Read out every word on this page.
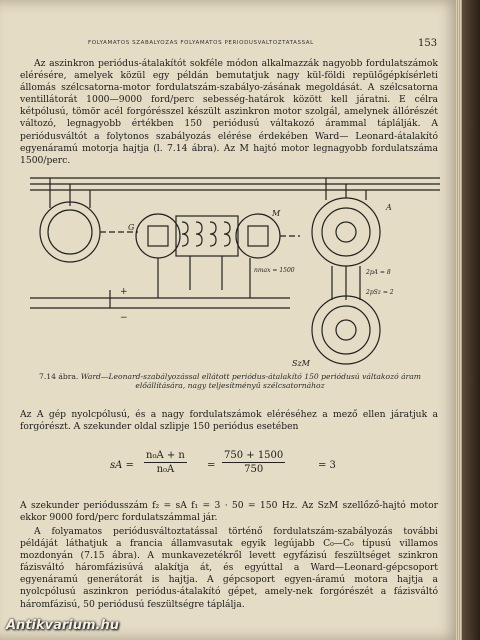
FOLYAMATOS SZABÁLYOZÁS FOLYAMATOS PERIÓDUSVÁLTOZTATÁSSAL	153

Az aszinkron periódus-átalakítót sokféle módon alkalmazzák nagyobb fordulatszámok elérésére, amelyek közül egy példán bemutatjuk nagy kül-földi repülőgépkísérleti állomás szélcsatorna-motor fordulatszám-szabályo-zásának megoldását. A szélcsatorna ventillátorát 1000—9000 ford/perc sebesség-határok között kell járatni. E célra kétpólusú, tömör acél forgórésszel készült aszinkron motor szolgál, amelynek állórészét változó, legnagyobb értékben 150 periódusú váltakozó árammal táplálják. A periódusváltót a folytonos szabályozás elérése érdekében Ward— Leonard-átalakító egyenáramú motorja hajtja (l. 7.14 ábra). Az M hajtó motor legnagyobb fordulatszáma 1500/perc.

G
M
nmax = 1500
A
2pA = 8
2pSz = 2
SzM
+
−

7.14 ábra. Ward—Leonard-szabályozással ellátott periódus-átalakító 150 periódusú váltakozó áram előállítására, nagy teljesítményű szélcsatornához

Az A gép nyolcpólusú, és a nagy fordulatszámok eléréséhez a mező ellen járatjuk a forgórészt. A szekunder oldal szlipje 150 periódus esetében

sA = $\frac{\text{n₀A + n}}{\text{n₀A}} = \frac{750 + 1500}{750}$	= 3

A szekunder periódusszám f₂ = sA f₁ = 3 · 50 = 150 Hz. Az SzM szellőző-hajtó motor ekkor 9000 ford/perc fordulatszámmal jár.

A folyamatos periódusváltoztatással történő fordulatszám-szabályozás további példáját láthatjuk a francia államvasutak egyik legújabb C₀—C₀ típusú villamos mozdonyán (7.15 ábra). A munkavezetékről levett egyfázisú feszültséget szinkron fázisváltó háromfázisúvá alakítja át, és egyúttal a Ward—Leonard-gépcsoport egyenáramú generátorát is hajtja. A gépcsoport egyen-áramú motora hajtja a nyolcpólusú aszinkron periódus-átalakító gépet, amely-nek forgórészét a fázisváltó háromfázisú, 50 periódusú feszültségre táplálja.

Antikvarium.hu
